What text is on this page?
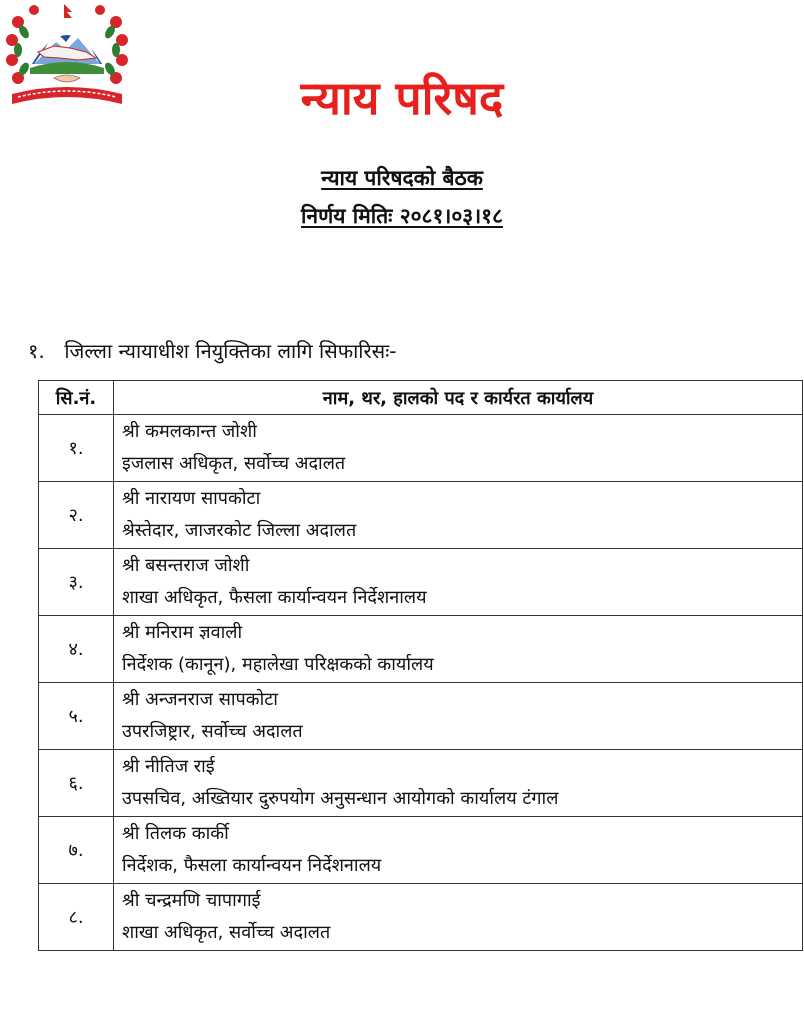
न्याय परिषद
न्याय परिषदको बैठक
निर्णय मितिः २०८१।०३।१८
१. जिल्ला न्यायाधीश नियुक्तिका लागि सिफारिसः-
सि.नं.	नाम, थर, हालको पद र कार्यरत कार्यालय
१.	श्री कमलकान्त जोशी
इजलास अधिकृत, सर्वोच्च अदालत

२.	श्री नारायण सापकोटा
श्रेस्तेदार, जाजरकोट जिल्ला अदालत

३.	श्री बसन्तराज जोशी
शाखा अधिकृत, फैसला कार्यान्वयन निर्देशनालय

४.	श्री मनिराम ज्ञवाली
निर्देशक (कानून), महालेखा परिक्षकको कार्यालय

५.	श्री अन्जनराज सापकोटा
उपरजिष्ट्रार, सर्वोच्च अदालत

६.	श्री नीतिज राई
उपसचिव, अख्तियार दुरुपयोग अनुसन्धान आयोगको कार्यालय टंगाल

७.	श्री तिलक कार्की
निर्देशक, फैसला कार्यान्वयन निर्देशनालय

८.	श्री चन्द्रमणि चापागाई
शाखा अधिकृत, सर्वोच्च अदालत
